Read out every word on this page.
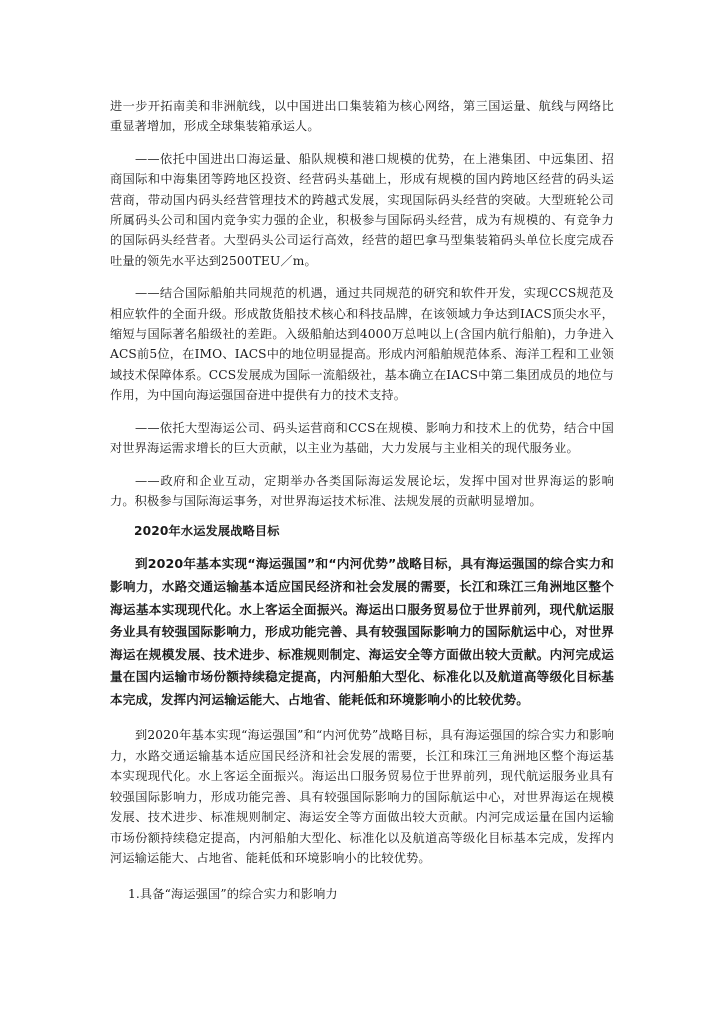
进一步开拓南美和非洲航线，以中国进出口集装箱为核心网络，第三国运量、航线与网络比重显著增加，形成全球集装箱承运人。

——依托中国进出口海运量、船队规模和港口规模的优势，在上港集团、中远集团、招商国际和中海集团等跨地区投资、经营码头基础上，形成有规模的国内跨地区经营的码头运营商，带动国内码头经营管理技术的跨越式发展，实现国际码头经营的突破。大型班轮公司所属码头公司和国内竞争实力强的企业，积极参与国际码头经营，成为有规模的、有竞争力的国际码头经营者。大型码头公司运行高效，经营的超巴拿马型集装箱码头单位长度完成吞吐量的领先水平达到2500TEU／m。

——结合国际船舶共同规范的机遇，通过共同规范的研究和软件开发，实现CCS规范及相应软件的全面升级。形成散货船技术核心和科技品牌，在该领域力争达到IACS顶尖水平，缩短与国际著名船级社的差距。入级船舶达到4000万总吨以上(含国内航行船舶)，力争进入ACS前5位，在IMO、IACS中的地位明显提高。形成内河船舶规范体系、海洋工程和工业领域技术保障体系。CCS发展成为国际一流船级社，基本确立在IACS中第二集团成员的地位与作用，为中国向海运强国奋进中提供有力的技术支持。

——依托大型海运公司、码头运营商和CCS在规模、影响力和技术上的优势，结合中国对世界海运需求增长的巨大贡献，以主业为基础，大力发展与主业相关的现代服务业。

——政府和企业互动，定期举办各类国际海运发展论坛，发挥中国对世界海运的影响力。积极参与国际海运事务，对世界海运技术标准、法规发展的贡献明显增加。

2020年水运发展战略目标

到2020年基本实现“海运强国”和“内河优势”战略目标，具有海运强国的综合实力和影响力，水路交通运输基本适应国民经济和社会发展的需要，长江和珠江三角洲地区整个海运基本实现现代化。水上客运全面振兴。海运出口服务贸易位于世界前列，现代航运服务业具有较强国际影响力，形成功能完善、具有较强国际影响力的国际航运中心，对世界海运在规模发展、技术进步、标准规则制定、海运安全等方面做出较大贡献。内河完成运量在国内运输市场份额持续稳定提高，内河船舶大型化、标准化以及航道高等级化目标基本完成，发挥内河运输运能大、占地省、能耗低和环境影响小的比较优势。

到2020年基本实现“海运强国”和“内河优势”战略目标，具有海运强国的综合实力和影响力，水路交通运输基本适应国民经济和社会发展的需要，长江和珠江三角洲地区整个海运基本实现现代化。水上客运全面振兴。海运出口服务贸易位于世界前列，现代航运服务业具有较强国际影响力，形成功能完善、具有较强国际影响力的国际航运中心，对世界海运在规模发展、技术进步、标准规则制定、海运安全等方面做出较大贡献。内河完成运量在国内运输市场份额持续稳定提高，内河船舶大型化、标准化以及航道高等级化目标基本完成，发挥内河运输运能大、占地省、能耗低和环境影响小的比较优势。

1.具备“海运强国”的综合实力和影响力
